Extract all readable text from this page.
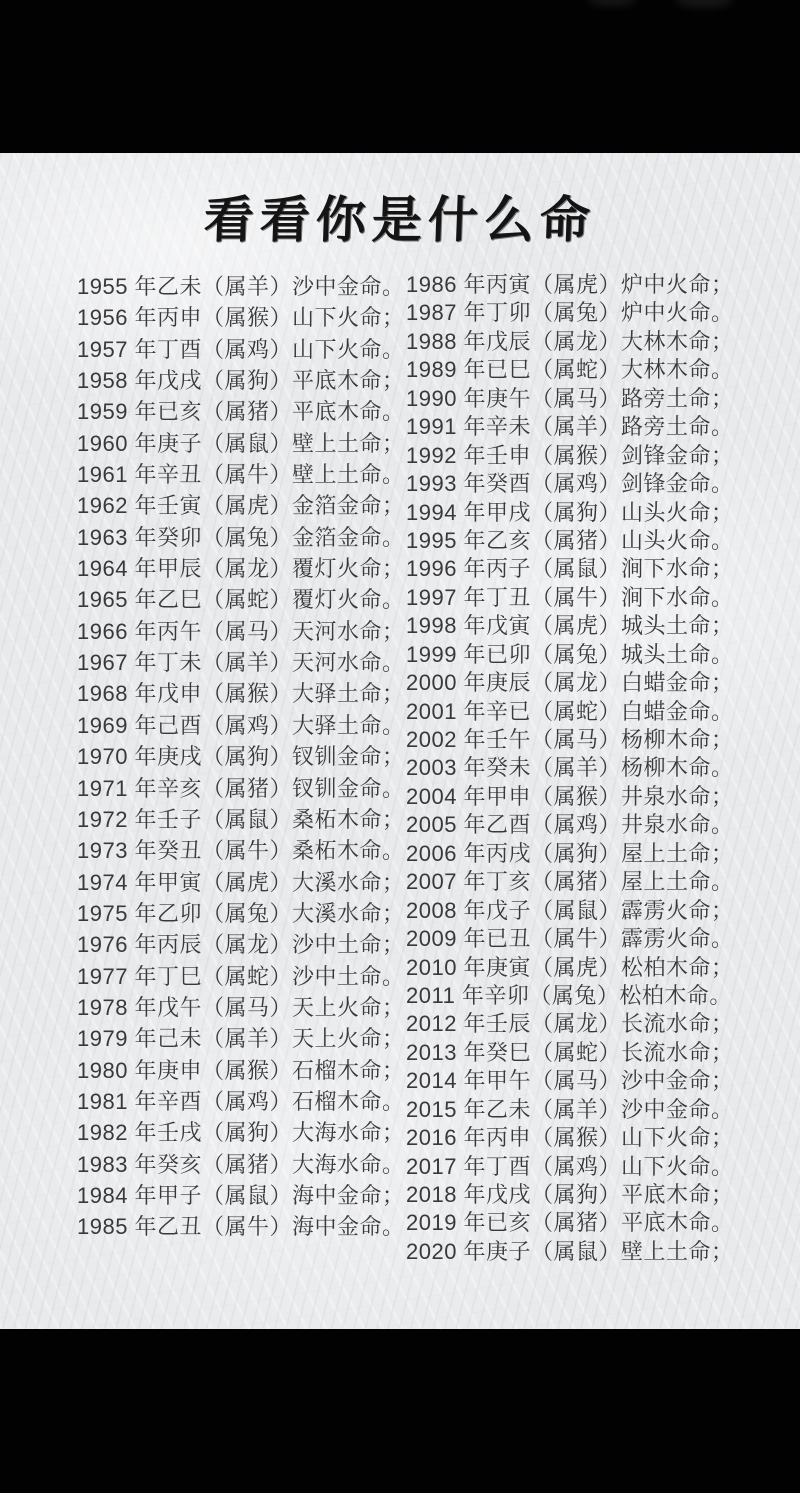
看看你是什么命
1955 年乙未（属羊）沙中金命。
1956 年丙申（属猴）山下火命；
1957 年丁酉（属鸡）山下火命。
1958 年戊戌（属狗）平底木命；
1959 年已亥（属猪）平底木命。
1960 年庚子（属鼠）壁上土命；
1961 年辛丑（属牛）壁上土命。
1962 年壬寅（属虎）金箔金命；
1963 年癸卯（属兔）金箔金命。
1964 年甲辰（属龙）覆灯火命；
1965 年乙巳（属蛇）覆灯火命。
1966 年丙午（属马）天河水命；
1967 年丁未（属羊）天河水命。
1968 年戊申（属猴）大驿土命；
1969 年己酉（属鸡）大驿土命。
1970 年庚戌（属狗）钗钏金命；
1971 年辛亥（属猪）钗钏金命。
1972 年壬子（属鼠）桑柘木命；
1973 年癸丑（属牛）桑柘木命。
1974 年甲寅（属虎）大溪水命；
1975 年乙卯（属兔）大溪水命；
1976 年丙辰（属龙）沙中土命；
1977 年丁巳（属蛇）沙中土命。
1978 年戊午（属马）天上火命；
1979 年己未（属羊）天上火命；
1980 年庚申（属猴）石榴木命；
1981 年辛酉（属鸡）石榴木命。
1982 年壬戌（属狗）大海水命；
1983 年癸亥（属猪）大海水命。
1984 年甲子（属鼠）海中金命；
1985 年乙丑（属牛）海中金命。
1986 年丙寅（属虎）炉中火命；
1987 年丁卯（属兔）炉中火命。
1988 年戊辰（属龙）大林木命；
1989 年已巳（属蛇）大林木命。
1990 年庚午（属马）路旁土命；
1991 年辛未（属羊）路旁土命。
1992 年壬申（属猴）剑锋金命；
1993 年癸酉（属鸡）剑锋金命。
1994 年甲戌（属狗）山头火命；
1995 年乙亥（属猪）山头火命。
1996 年丙子（属鼠）涧下水命；
1997 年丁丑（属牛）涧下水命。
1998 年戊寅（属虎）城头土命；
1999 年已卯（属兔）城头土命。
2000 年庚辰（属龙）白蜡金命；
2001 年辛已（属蛇）白蜡金命。
2002 年壬午（属马）杨柳木命；
2003 年癸未（属羊）杨柳木命。
2004 年甲申（属猴）井泉水命；
2005 年乙酉（属鸡）井泉水命。
2006 年丙戌（属狗）屋上土命；
2007 年丁亥（属猪）屋上土命。
2008 年戊子（属鼠）霹雳火命；
2009 年已丑（属牛）霹雳火命。
2010 年庚寅（属虎）松柏木命；
2011 年辛卯（属兔）松柏木命。
2012 年壬辰（属龙）长流水命；
2013 年癸巳（属蛇）长流水命；
2014 年甲午（属马）沙中金命；
2015 年乙未（属羊）沙中金命。
2016 年丙申（属猴）山下火命；
2017 年丁酉（属鸡）山下火命。
2018 年戊戌（属狗）平底木命；
2019 年已亥（属猪）平底木命。
2020 年庚子（属鼠）壁上土命；
